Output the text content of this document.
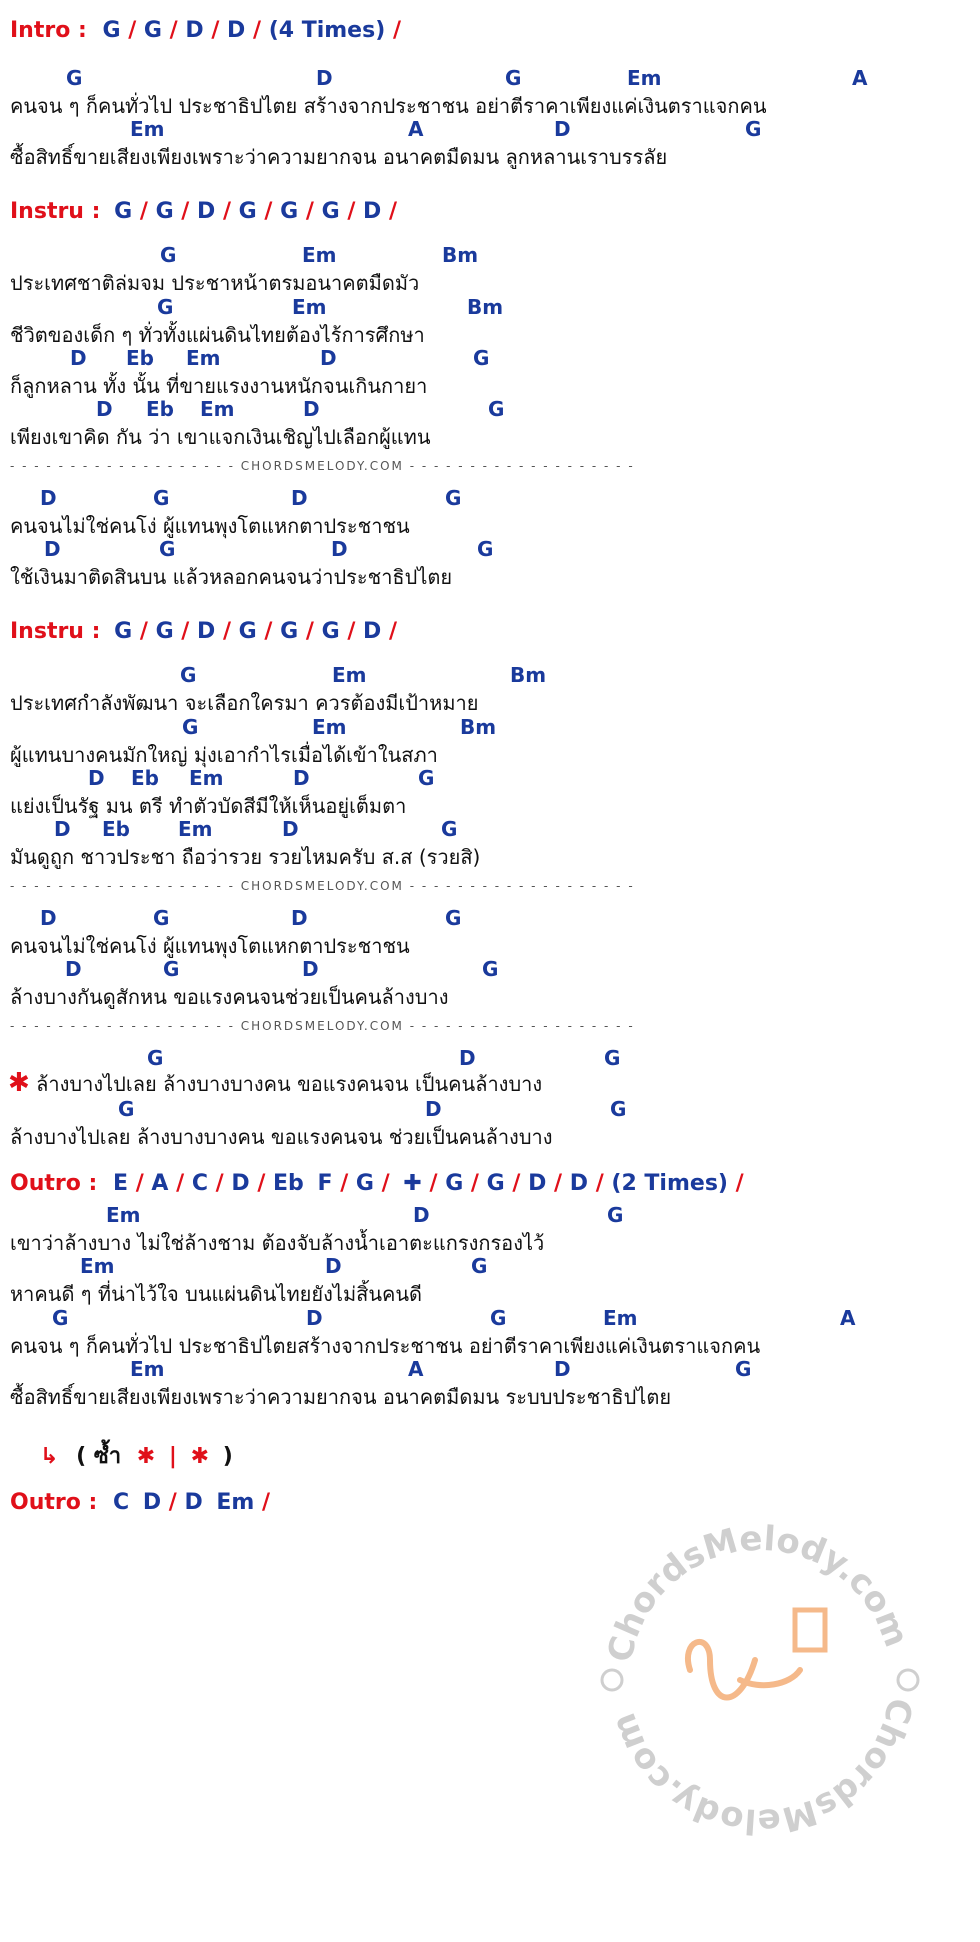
ChordsMelody.com
ChordsMelody.com
Intro : G / G / D / D / (4 Times) /
G	D	G	Em	A
คนจน ๆ ก็คนทั่วไป ประชาธิปไตย สร้างจากประชาชน อย่าตีราคาเพียงแค่เงินตราแจกคน
Em	A	D	G
ซื้อสิทธิ์ขายเสียงเพียงเพราะว่าความยากจน อนาคตมืดมน ลูกหลานเราบรรลัย
Instru : G / G / D / G / G / G / D /
G	Em	Bm
ประเทศชาติล่มจม ประชาหน้าตรมอนาคตมืดมัว
G	Em	Bm
ชีวิตของเด็ก ๆ ทั่วทั้งแผ่นดินไทยต้องไร้การศึกษา
D Eb Em	D	G
ก็ลูกหลาน ทั้ง นั้น ที่ขายแรงงานหนักจนเกินกายา
D Eb Em	D	G
เพียงเขาคิด กัน ว่า เขาแจกเงินเชิญไปเลือกผู้แทน
- - - - - - - - - - - - - - - - - - - CHORDSMELODY.COM - - - - - - - - - - - - - - - - - - -
D	G	D	G
คนจนไม่ใช่คนโง่ ผู้แทนพุงโตแหกตาประชาชน
D	G	D	G
ใช้เงินมาติดสินบน แล้วหลอกคนจนว่าประชาธิปไตย
Instru : G / G / D / G / G / G / D /
G	Em	Bm
ประเทศกำลังพัฒนา จะเลือกใครมา ควรต้องมีเป้าหมาย
G	Em	Bm
ผู้แทนบางคนมักใหญ่ มุ่งเอากำไรเมื่อได้เข้าในสภา
D Eb Em	D	G
แย่งเป็นรัฐ มน ตรี ทำตัวบัดสีมีให้เห็นอยู่เต็มตา
D Eb Em	D	G
มันดูถูก ชาวประชา ถือว่ารวย รวยไหมครับ ส.ส (รวยสิ)
- - - - - - - - - - - - - - - - - - - CHORDSMELODY.COM - - - - - - - - - - - - - - - - - - -
D	G	D	G
คนจนไม่ใช่คนโง่ ผู้แทนพุงโตแหกตาประชาชน
D	G	D	G
ล้างบางกันดูสักหน ขอแรงคนจนช่วยเป็นคนล้างบาง
- - - - - - - - - - - - - - - - - - - CHORDSMELODY.COM - - - - - - - - - - - - - - - - - - -
G	D	G
✱ ล้างบางไปเลย ล้างบางบางคน ขอแรงคนจน เป็นคนล้างบาง
G	D	G
ล้างบางไปเลย ล้างบางบางคน ขอแรงคนจน ช่วยเป็นคนล้างบาง
Outro : E / A / C / D / Eb F / G / ✚ / G / G / D / D / (2 Times) /
Em	D	G
เขาว่าล้างบาง ไม่ใช่ล้างชาม ต้องจับล้างน้ำเอาตะแกรงกรองไว้
Em	D	G
หาคนดี ๆ ที่น่าไว้ใจ บนแผ่นดินไทยยังไม่สิ้นคนดี
G	D	G	Em	A
คนจน ๆ ก็คนทั่วไป ประชาธิปไตยสร้างจากประชาชน อย่าตีราคาเพียงแค่เงินตราแจกคน
Em	A	D	G
ซื้อสิทธิ์ขายเสียงเพียงเพราะว่าความยากจน อนาคตมืดมน ระบบประชาธิปไตย
↳ ( ซ้ำ ✱ | ✱ )
Outro : C D / D Em /
